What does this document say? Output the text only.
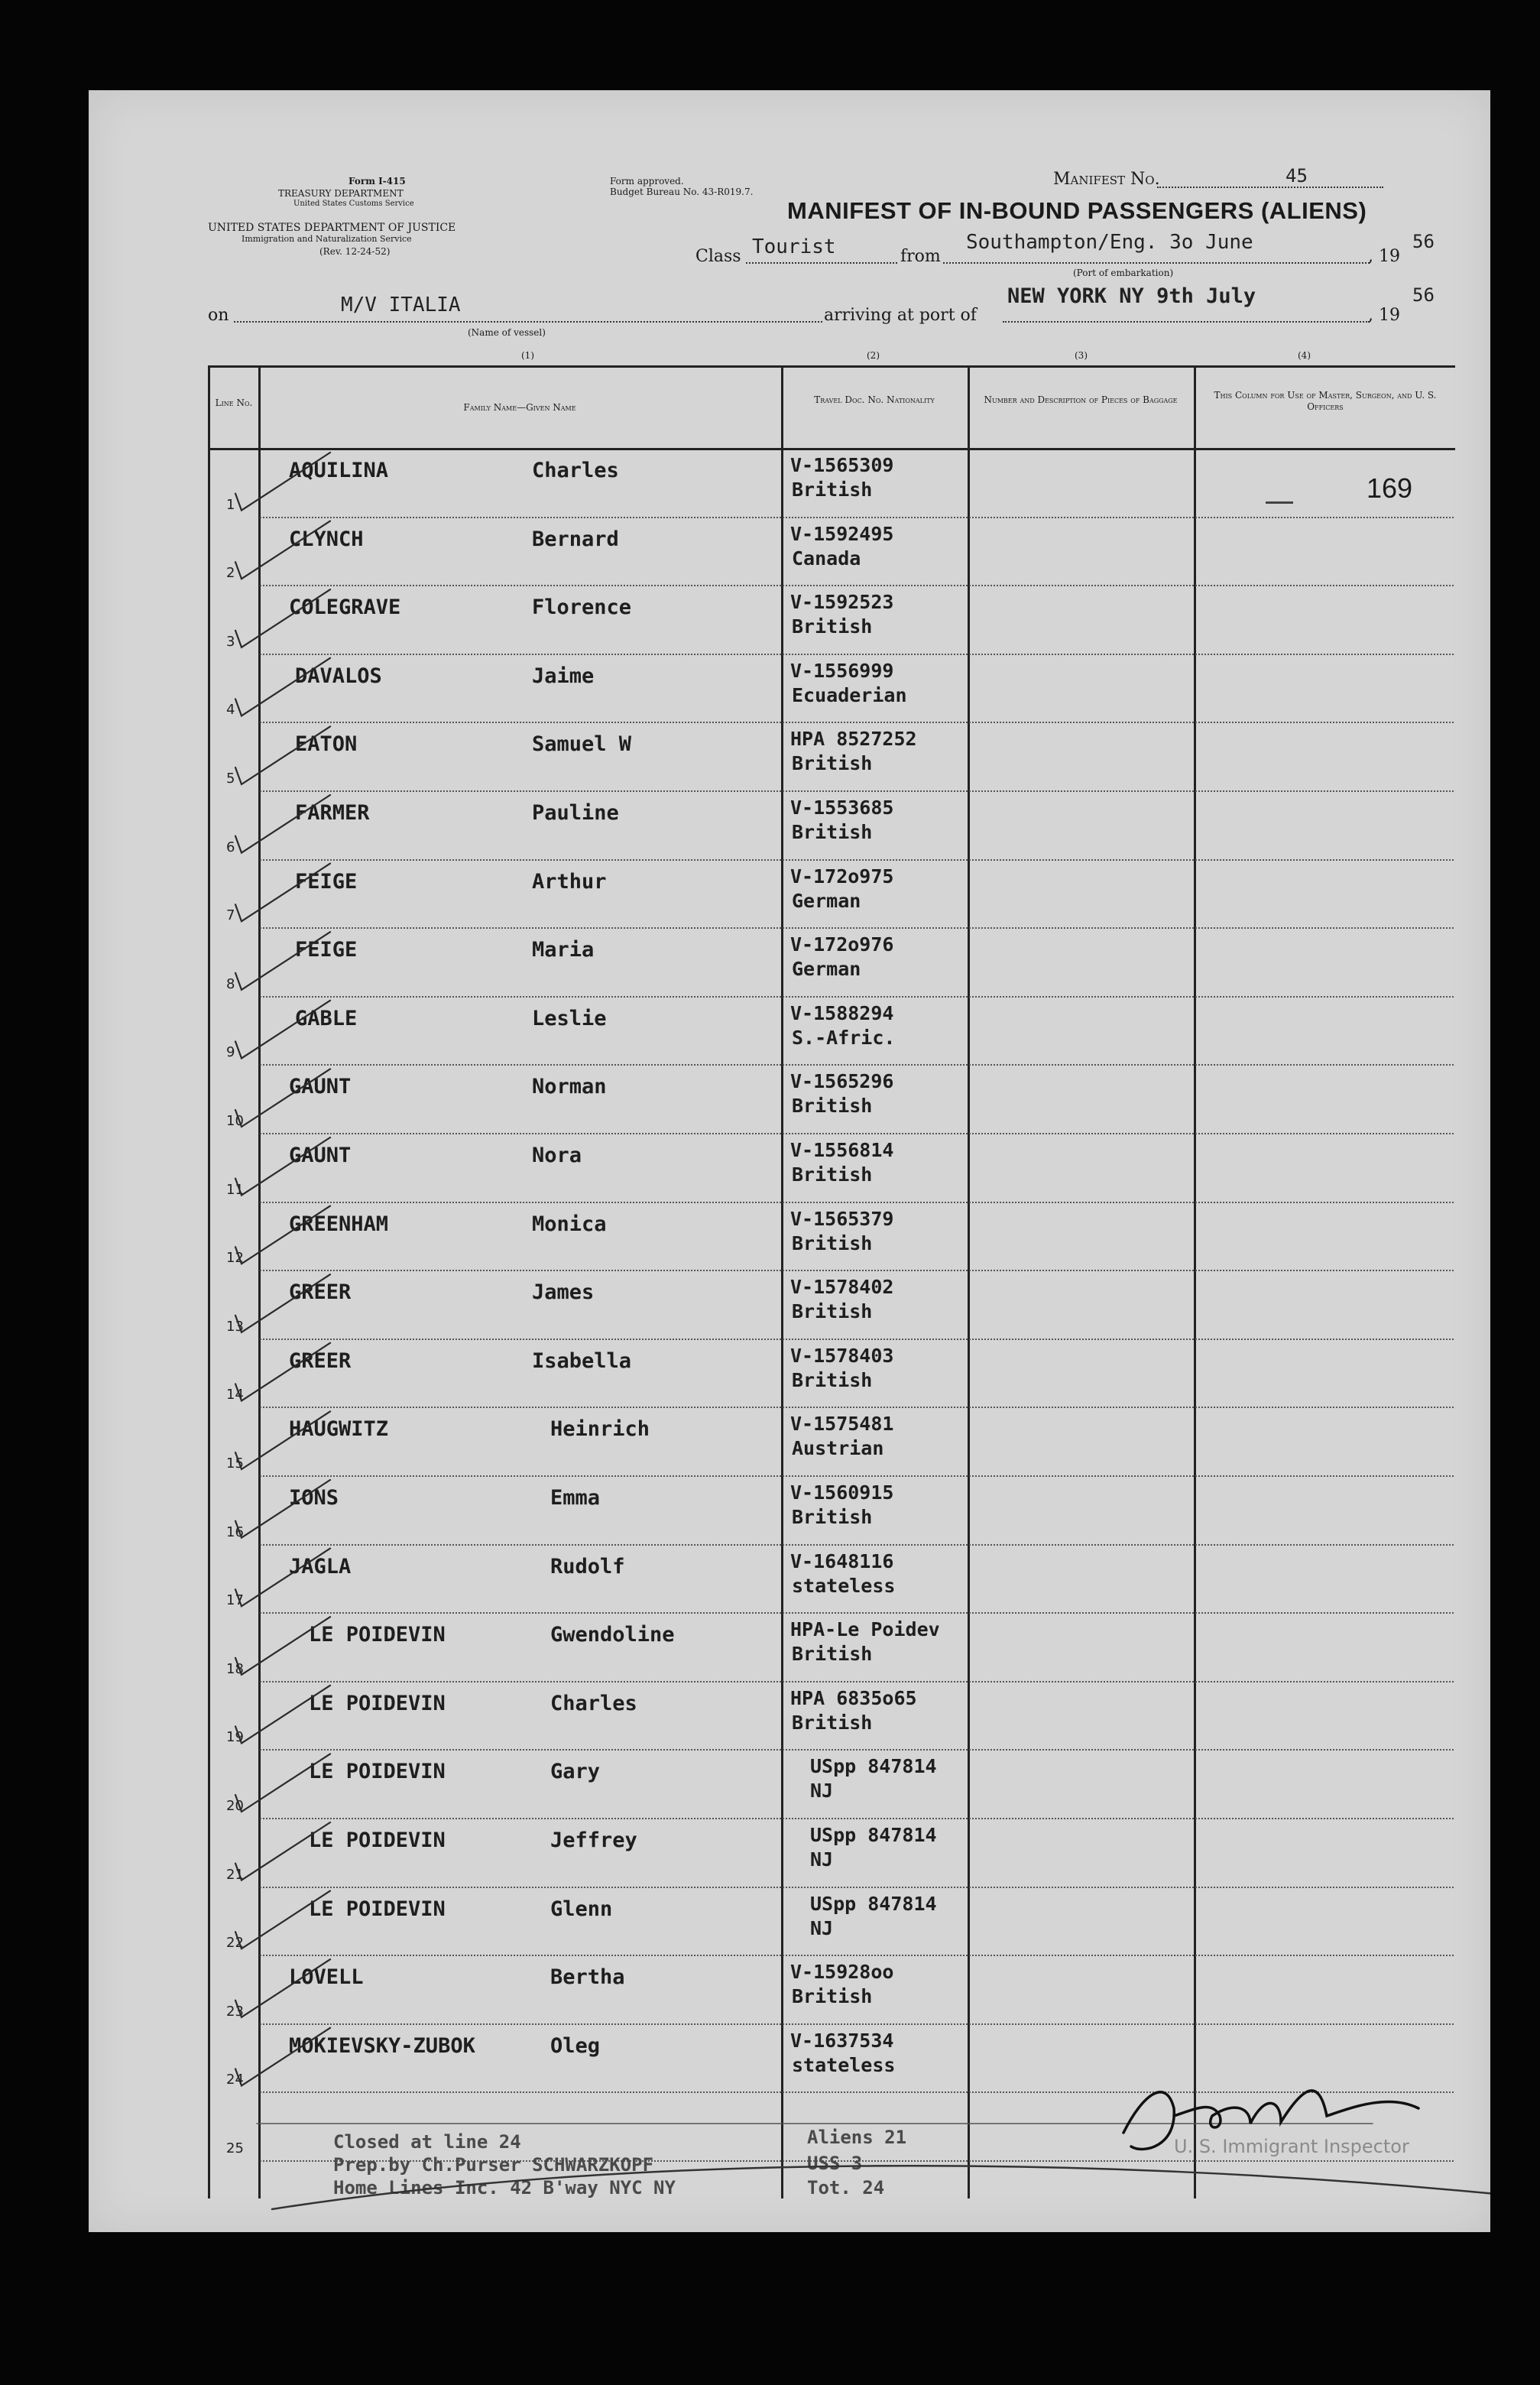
Form I-415
TREASURY DEPARTMENT
United States Customs Service
UNITED STATES DEPARTMENT OF JUSTICE
Immigration and Naturalization Service
(Rev. 12-24-52)
Form approved.
Budget Bureau No. 43-R019.7.
Manifest No.	45
MANIFEST OF IN-BOUND PASSENGERS (ALIENS)
Class Tourist	from
Southampton/Eng. 3o June
, 19
56
(Port of embarkation)
on	M/V ITALIA
(Name of vessel)
arriving at port of
NEW YORK NY 9th July
, 19
56
(1)	(2)	(3)	(4)
Line No.	Family Name—Given Name
Travel Doc. No. Nationality	Number and Description of Pieces of Baggage	This Column for Use of Master, Surgeon, and U. S. Officers
169
1
AQUILINA	Charles	V-1565309
British
2
CLYNCH	Bernard	V-1592495
Canada
3
COLEGRAVE	Florence	V-1592523
British
4
DAVALOS	Jaime	V-1556999
Ecuaderian
5
EATON	Samuel W	HPA 8527252
British
6
FARMER	Pauline	V-1553685
British
7
FEIGE	Arthur	V-172o975
German
8
FEIGE	Maria	V-172o976
German
9
GABLE	Leslie	V-1588294
S.-Afric.
10
GAUNT	Norman	V-1565296
British
11
GAUNT	Nora	V-1556814
British
12
GREENHAM	Monica	V-1565379
British
13
GREER	James	V-1578402
British
14
GREER	Isabella	V-1578403
British
15
HAUGWITZ	Heinrich	V-1575481
Austrian
16
IONS	Emma	V-1560915
British
17
JAGLA	Rudolf	V-1648116
stateless
18
LE POIDEVIN	Gwendoline	HPA-Le Poidev
British
19
LE POIDEVIN	Charles	HPA 6835o65
British
20
LE POIDEVIN	Gary	USpp 847814
NJ
21
LE POIDEVIN	Jeffrey	USpp 847814
NJ
22
LE POIDEVIN	Glenn	USpp 847814
NJ
23
LOVELL	Bertha	V-15928oo
British
24
MOKIEVSKY-ZUBOK	Oleg	V-1637534
stateless
25	Closed at line 24
Prep.by Ch.Purser SCHWARZKOPF
Home Lines Inc. 42 B'way NYC NY
Aliens 21
USS 3
Tot. 24
U. S. Immigrant Inspector
